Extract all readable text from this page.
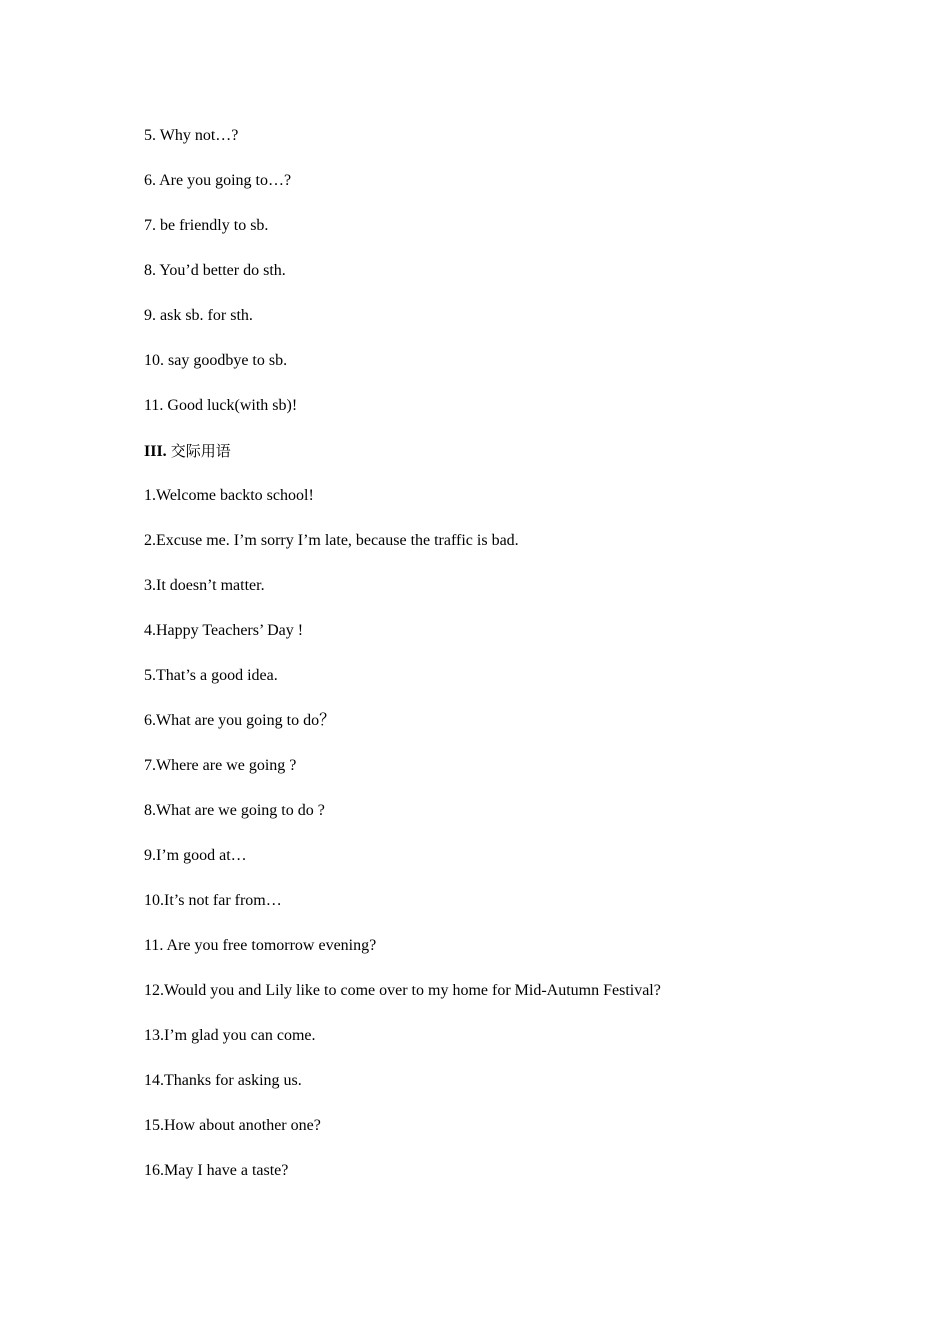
5. Why not…?
6. Are you going to…?
7. be friendly to sb.
8. You’d better do sth.
9. ask sb. for sth.
10. say goodbye to sb.
11. Good luck(with sb)!
III. 交际用语
1.Welcome backto school!
2.Excuse me. I’m sorry I’m late, because the traffic is bad.
3.It doesn’t matter.
4.Happy Teachers’ Day !
5.That’s a good idea.
6.What are you going to do？
7.Where are we going ?
8.What are we going to do ?
9.I’m good at…
10.It’s not far from…
11. Are you free tomorrow evening?
12.Would you and Lily like to come over to my home for Mid-Autumn Festival?
13.I’m glad you can come.
14.Thanks for asking us.
15.How about another one?
16.May I have a taste?
